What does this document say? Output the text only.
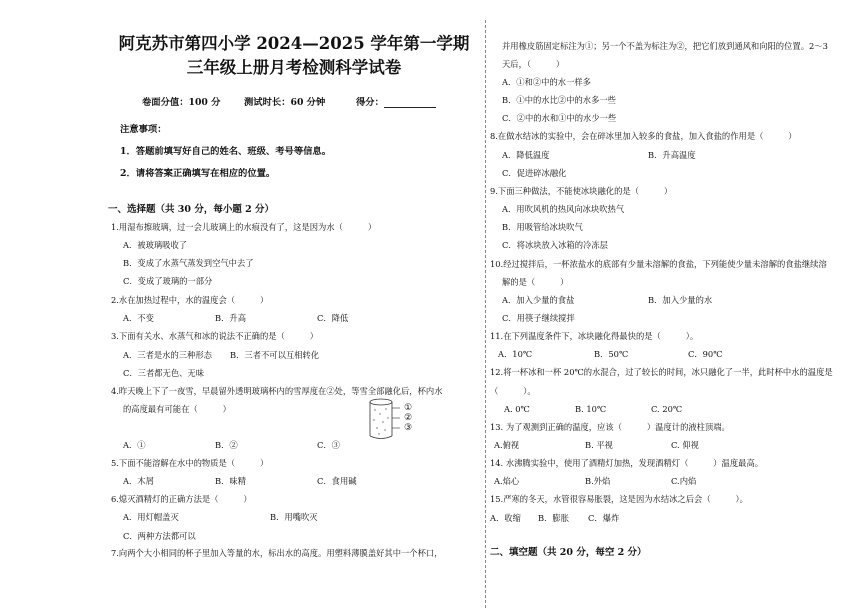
阿克苏市第四小学 2024—2025 学年第一学期
三年级上册月考检测科学试卷
卷面分值：100 分	测试时长：60 分钟	得分：
注意事项：
1．答题前填写好自己的姓名、班级、考号等信息。
2．请将答案正确填写在相应的位置。
一、选择题（共 30 分，每小题 2 分）
1.用湿布擦玻璃，过一会儿玻璃上的水痕没有了，这是因为水（　　　）
A．被玻璃吸收了
B．变成了水蒸气蒸发到空气中去了
C．变成了玻璃的一部分
2.水在加热过程中，水的温度会（　　　）
A．不变	B．升高	C．降低
3.下面有关水、水蒸气和冰的说法不正确的是（　　　）
A．三者是水的三种形态 B．三者不可以互相转化
C．三者都无色、无味
4.昨天晚上下了一夜雪，早晨留外透明玻璃杯内的雪厚度在②处，等雪全部融化后，杯内水
的高度最有可能在（　　　）	①
②
③
A．①	B．②	C．③
5.下面不能溶解在水中的物质是（　　　）
A．木屑	B．味精	C．食用碱
6.熄灭酒精灯的正确方法是（　　　）
A．用灯帽盖灭	B．用嘴吹灭
C．两种方法都可以
7.向两个大小相同的杯子里加入等量的水，标出水的高度。用塑料薄膜盖好其中一个杯口，
并用橡皮筋固定标注为①；另一个不盖为标注为②，把它们放到通风和向阳的位置。2～3
天后，（　　　）
A．①和②中的水一样多
B．①中的水比②中的水多一些
C．②中的水和①中的水少一些
8.在做水结冰的实验中，会在碎冰里加入较多的食盐，加入食盐的作用是（　　　）
A．降低温度	B．升高温度
C．促进碎冰融化
9.下面三种做法，不能使冰块融化的是（　　　）
A．用吹风机的热风向冰块吹热气
B．用吸管给冰块吹气
C．将冰块放入冰箱的冷冻层
10.经过搅拌后，一杯浓盐水的底部有少量未溶解的食盐，下列能使少量未溶解的食盐继续溶
解的是（　　　）
A．加入少量的食盐	B．加入少量的水
C．用筷子继续搅拌
11.在下列温度条件下，冰块融化得最快的是（　　　）。
A．10℃	B．50℃	C．90℃
12.将一杯冰和一杯 20℃的水混合，过了较长的时间，冰只融化了一半，此时杯中水的温度是
（　　　）。
A. 0℃	B. 10℃	C. 20℃
13. 为了观测到正确的温度，应该（　　　）温度计的液柱顶端。
A.俯视	B. 平视	C. 仰视
14. 水沸腾实验中，使用了酒精灯加热，发现酒精灯（　　　）温度最高。
A.焰心	B.外焰	C.内焰
15.严寒的冬天，水管很容易胀裂，这是因为水结冰之后会（　　　）。
A．收缩 B．膨胀 C．爆炸
二、填空题（共 20 分，每空 2 分）
